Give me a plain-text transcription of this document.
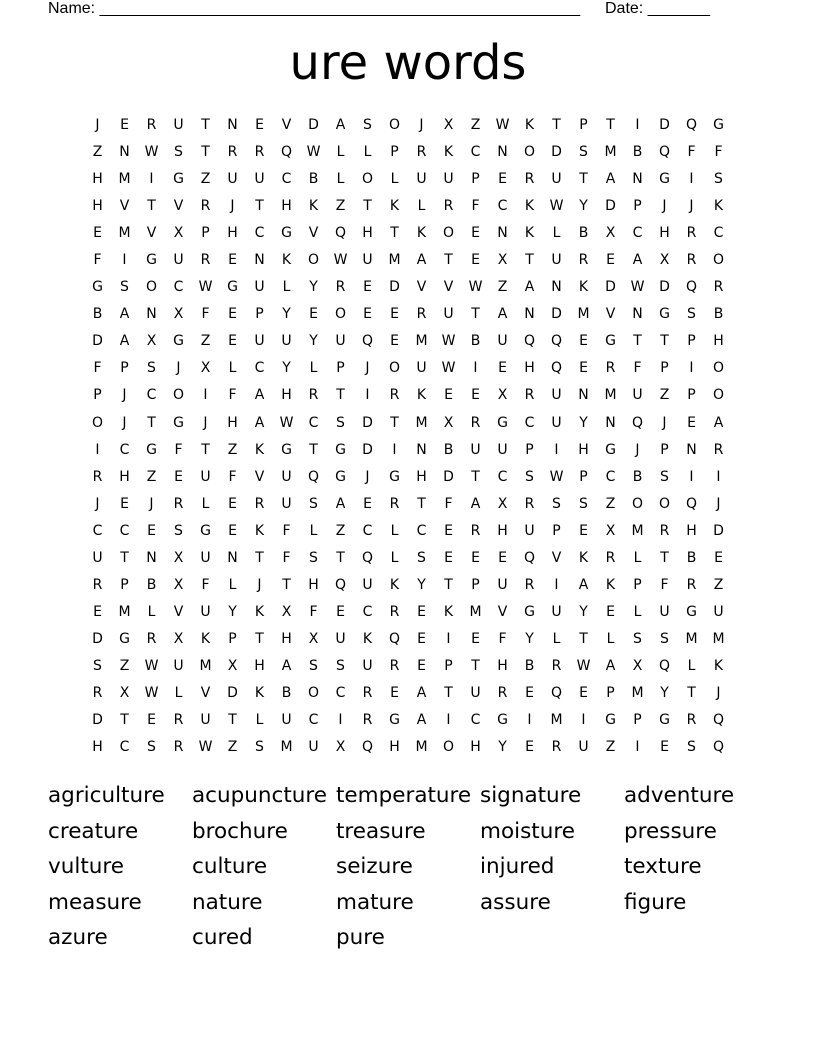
Name: ______________________________________________________ Date: _______
ure words
J	E	R	U	T	N	E	V	D	A	S	O	J	X	Z	W	K	T	P	T	I	D	Q	G
Z	N	W	S	T	R	R	Q	W	L	L	P	R	K	C	N	O	D	S	M	B	Q	F	F
H	M	I	G	Z	U	U	C	B	L	O	L	U	U	P	E	R	U	T	A	N	G	I	S
H	V	T	V	R	J	T	H	K	Z	T	K	L	R	F	C	K	W	Y	D	P	J	J	K
E	M	V	X	P	H	C	G	V	Q	H	T	K	O	E	N	K	L	B	X	C	H	R	C
F	I	G	U	R	E	N	K	O	W	U	M	A	T	E	X	T	U	R	E	A	X	R	O
G	S	O	C	W	G	U	L	Y	R	E	D	V	V	W	Z	A	N	K	D	W	D	Q	R
B	A	N	X	F	E	P	Y	E	O	E	E	R	U	T	A	N	D	M	V	N	G	S	B
D	A	X	G	Z	E	U	U	Y	U	Q	E	M	W	B	U	Q	Q	E	G	T	T	P	H
F	P	S	J	X	L	C	Y	L	P	J	O	U	W	I	E	H	Q	E	R	F	P	I	O
P	J	C	O	I	F	A	H	R	T	I	R	K	E	E	X	R	U	N	M	U	Z	P	O
O	J	T	G	J	H	A	W	C	S	D	T	M	X	R	G	C	U	Y	N	Q	J	E	A
I	C	G	F	T	Z	K	G	T	G	D	I	N	B	U	U	P	I	H	G	J	P	N	R
R	H	Z	E	U	F	V	U	Q	G	J	G	H	D	T	C	S	W	P	C	B	S	I	I
J	E	J	R	L	E	R	U	S	A	E	R	T	F	A	X	R	S	S	Z	O	O	Q	J
C	C	E	S	G	E	K	F	L	Z	C	L	C	E	R	H	U	P	E	X	M	R	H	D
U	T	N	X	U	N	T	F	S	T	Q	L	S	E	E	E	Q	V	K	R	L	T	B	E
R	P	B	X	F	L	J	T	H	Q	U	K	Y	T	P	U	R	I	A	K	P	F	R	Z
E	M	L	V	U	Y	K	X	F	E	C	R	E	K	M	V	G	U	Y	E	L	U	G	U
D	G	R	X	K	P	T	H	X	U	K	Q	E	I	E	F	Y	L	T	L	S	S	M	M
S	Z	W	U	M	X	H	A	S	S	U	R	E	P	T	H	B	R	W	A	X	Q	L	K
R	X	W	L	V	D	K	B	O	C	R	E	A	T	U	R	E	Q	E	P	M	Y	T	J
D	T	E	R	U	T	L	U	C	I	R	G	A	I	C	G	I	M	I	G	P	G	R	Q
H	C	S	R	W	Z	S	M	U	X	Q	H	M	O	H	Y	E	R	U	Z	I	E	S	Q
agriculture	acupuncture temperature signature	adventure
creature	brochure	treasure	moisture	pressure
vulture	culture	seizure	injured	texture
measure	nature	mature	assure	figure
azure	cured	pure
